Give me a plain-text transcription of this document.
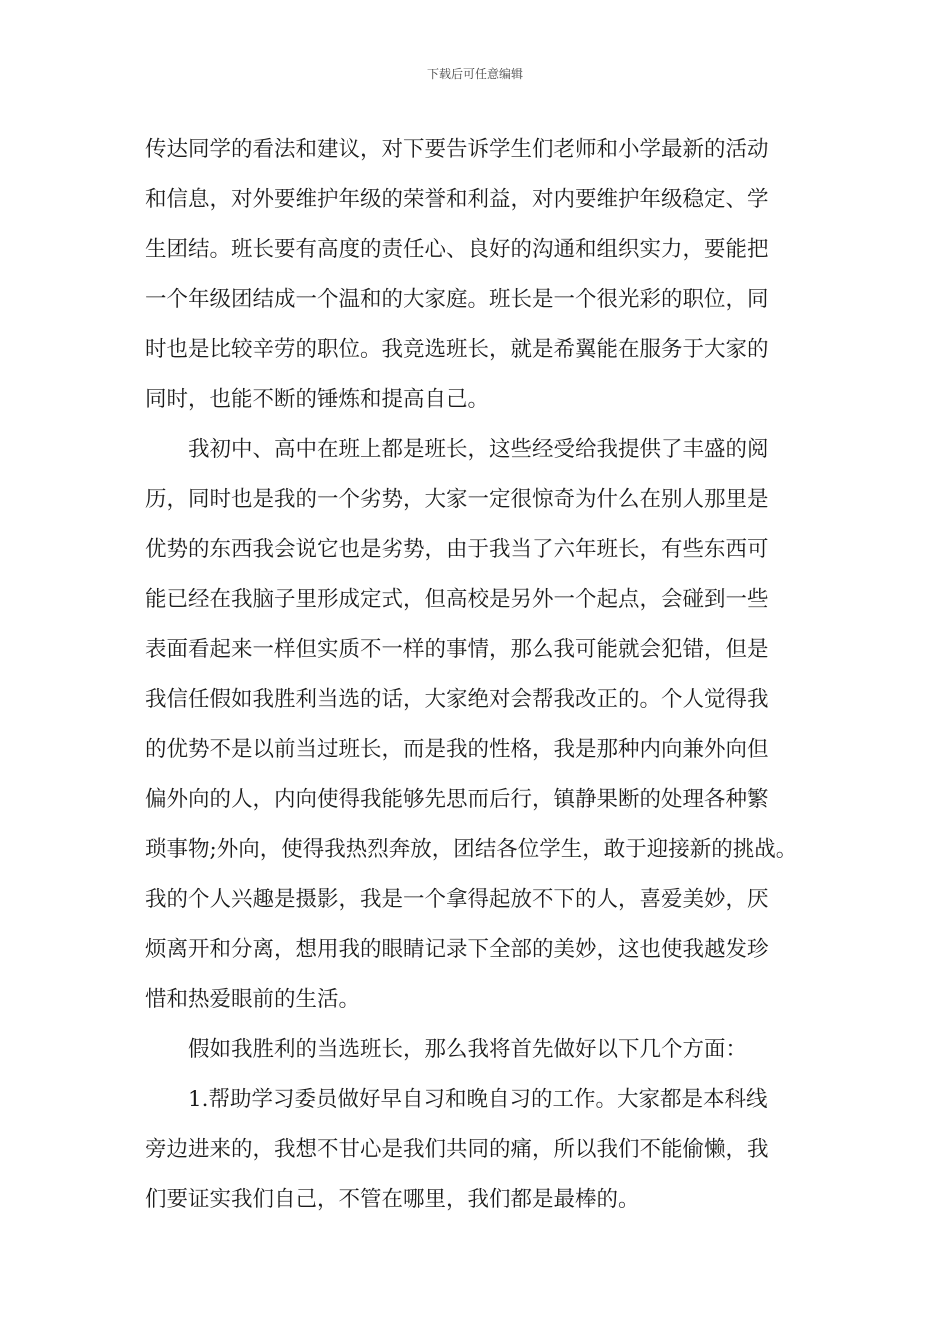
下载后可任意编辑
传达同学的看法和建议，对下要告诉学生们老师和小学最新的活动
和信息，对外要维护年级的荣誉和利益，对内要维护年级稳定、学
生团结。班长要有高度的责任心、良好的沟通和组织实力，要能把
一个年级团结成一个温和的大家庭。班长是一个很光彩的职位，同
时也是比较辛劳的职位。我竞选班长，就是希翼能在服务于大家的
同时，也能不断的锤炼和提高自己。
我初中、高中在班上都是班长，这些经受给我提供了丰盛的阅
历，同时也是我的一个劣势，大家一定很惊奇为什么在别人那里是
优势的东西我会说它也是劣势，由于我当了六年班长，有些东西可
能已经在我脑子里形成定式，但高校是另外一个起点，会碰到一些
表面看起来一样但实质不一样的事情，那么我可能就会犯错，但是
我信任假如我胜利当选的话，大家绝对会帮我改正的。个人觉得我
的优势不是以前当过班长，而是我的性格，我是那种内向兼外向但
偏外向的人，内向使得我能够先思而后行，镇静果断的处理各种繁
琐事物;外向，使得我热烈奔放，团结各位学生，敢于迎接新的挑战。
我的个人兴趣是摄影，我是一个拿得起放不下的人，喜爱美妙，厌
烦离开和分离，想用我的眼睛记录下全部的美妙，这也使我越发珍
惜和热爱眼前的生活。
假如我胜利的当选班长，那么我将首先做好以下几个方面：
1.帮助学习委员做好早自习和晚自习的工作。大家都是本科线
旁边进来的，我想不甘心是我们共同的痛，所以我们不能偷懒，我
们要证实我们自己，不管在哪里，我们都是最棒的。
